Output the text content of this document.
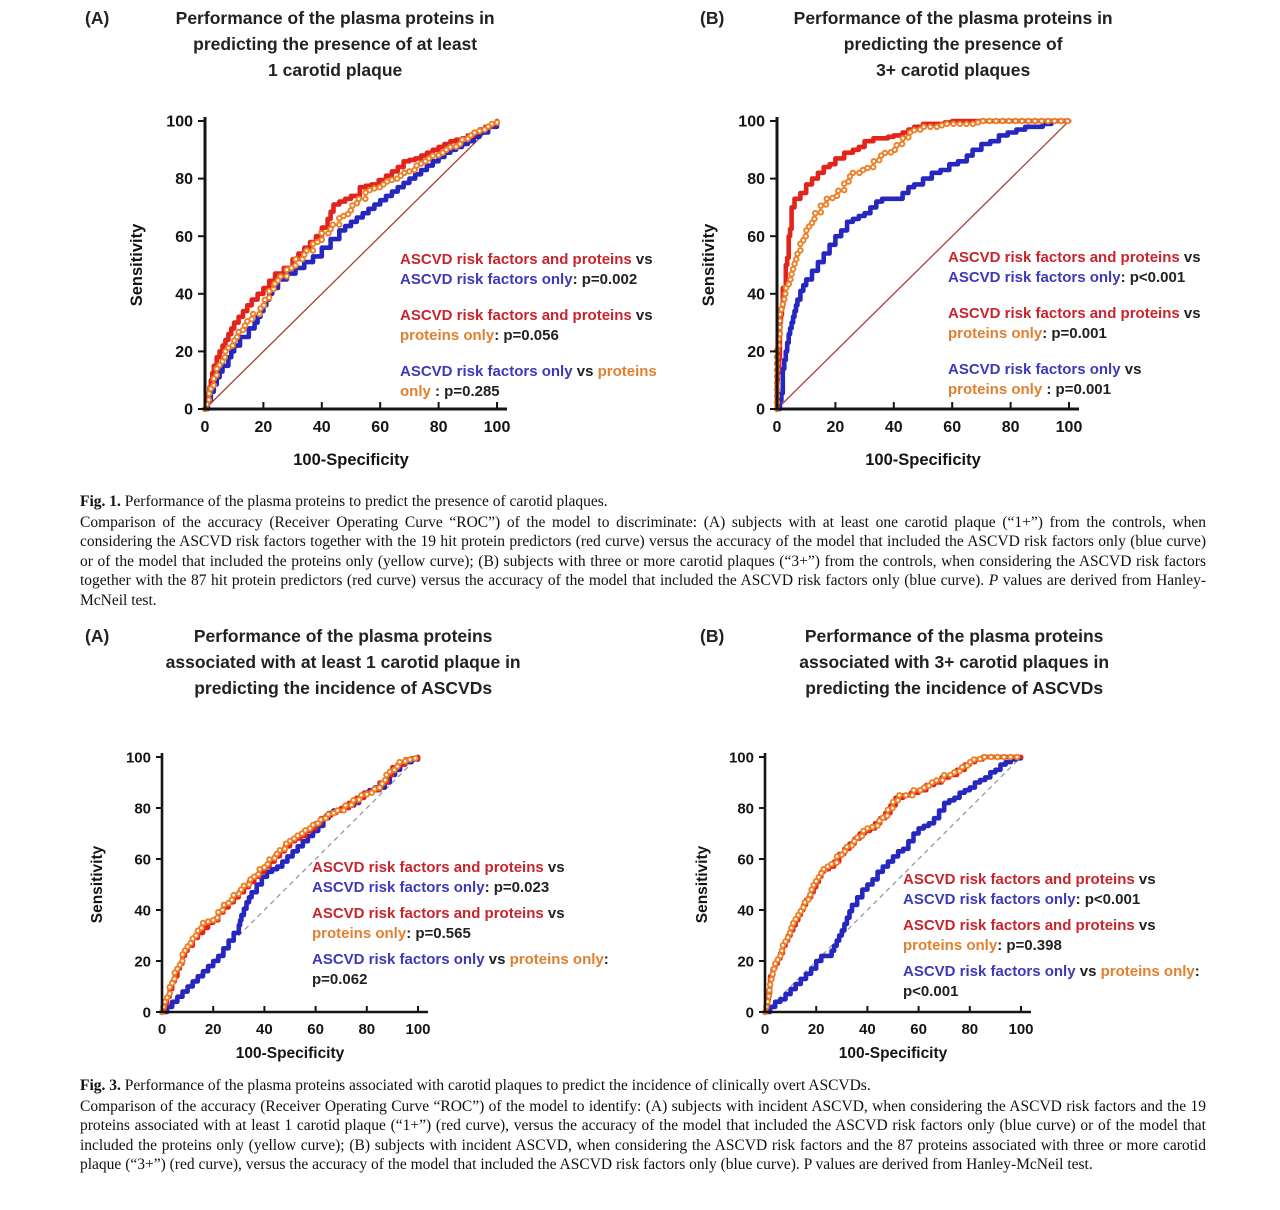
(A)	Performance of the plasma proteins in
predicting the presence of at least
1 carotid plaque
(B)	Performance of the plasma proteins in
predicting the presence of
3+ carotid plaques
0	20	40	60	80 100
0
20
40
60
80
100
100-Specificity
Sensitivity
0	20	40	60	80 100
0
20
40
60
80
100
100-Specificity
Sensitivity
ASCVD risk factors and proteins vs ASCVD risk factors only: p=0.002
ASCVD risk factors and proteins vs proteins only: p=0.056
ASCVD risk factors only vs proteins only : p=0.285
ASCVD risk factors and proteins vs ASCVD risk factors only: p<0.001
ASCVD risk factors and proteins vs proteins only: p=0.001
ASCVD risk factors only vs proteins only : p=0.001
Fig. 1. Performance of the plasma proteins to predict the presence of carotid plaques.
Comparison of the accuracy (Receiver Operating Curve “ROC”) of the model to discriminate: (A) subjects with at least one carotid plaque (“1+”) from the controls, when considering the ASCVD risk factors together with the 19 hit protein predictors (red curve) versus the accuracy of the model that included the ASCVD risk factors only (blue curve) or of the model that included the proteins only (yellow curve); (B) subjects with three or more carotid plaques (“3+”) from the controls, when considering the ASCVD risk factors together with the 87 hit protein predictors (red curve) versus the accuracy of the model that included the ASCVD risk factors only (blue curve). P values are derived from Hanley-McNeil test.
(A)	Performance of the plasma proteins
associated with at least 1 carotid plaque in
predicting the incidence of ASCVDs
(B)	Performance of the plasma proteins
associated with 3+ carotid plaques in
predicting the incidence of ASCVDs
0	20 40 60 80 100
0
20
40
60
80
100
100-Specificity
Sensitivity
0	20 40 60 80 100
0
20
40
60
80
100
100-Specificity
Sensitivity
ASCVD risk factors and proteins vs ASCVD risk factors only: p=0.023
ASCVD risk factors and proteins vs proteins only: p=0.565
ASCVD risk factors only vs proteins only: p=0.062
ASCVD risk factors and proteins vs ASCVD risk factors only: p<0.001
ASCVD risk factors and proteins vs proteins only: p=0.398
ASCVD risk factors only vs proteins only: p<0.001
Fig. 3. Performance of the plasma proteins associated with carotid plaques to predict the incidence of clinically overt ASCVDs.
Comparison of the accuracy (Receiver Operating Curve “ROC”) of the model to identify: (A) subjects with incident ASCVD, when considering the ASCVD risk factors and the 19 proteins associated with at least 1 carotid plaque (“1+”) (red curve), versus the accuracy of the model that included the ASCVD risk factors only (blue curve) or of the model that included the proteins only (yellow curve); (B) subjects with incident ASCVD, when considering the ASCVD risk factors and the 87 proteins associated with three or more carotid plaque (“3+”) (red curve), versus the accuracy of the model that included the ASCVD risk factors only (blue curve). P values are derived from Hanley-McNeil test.
